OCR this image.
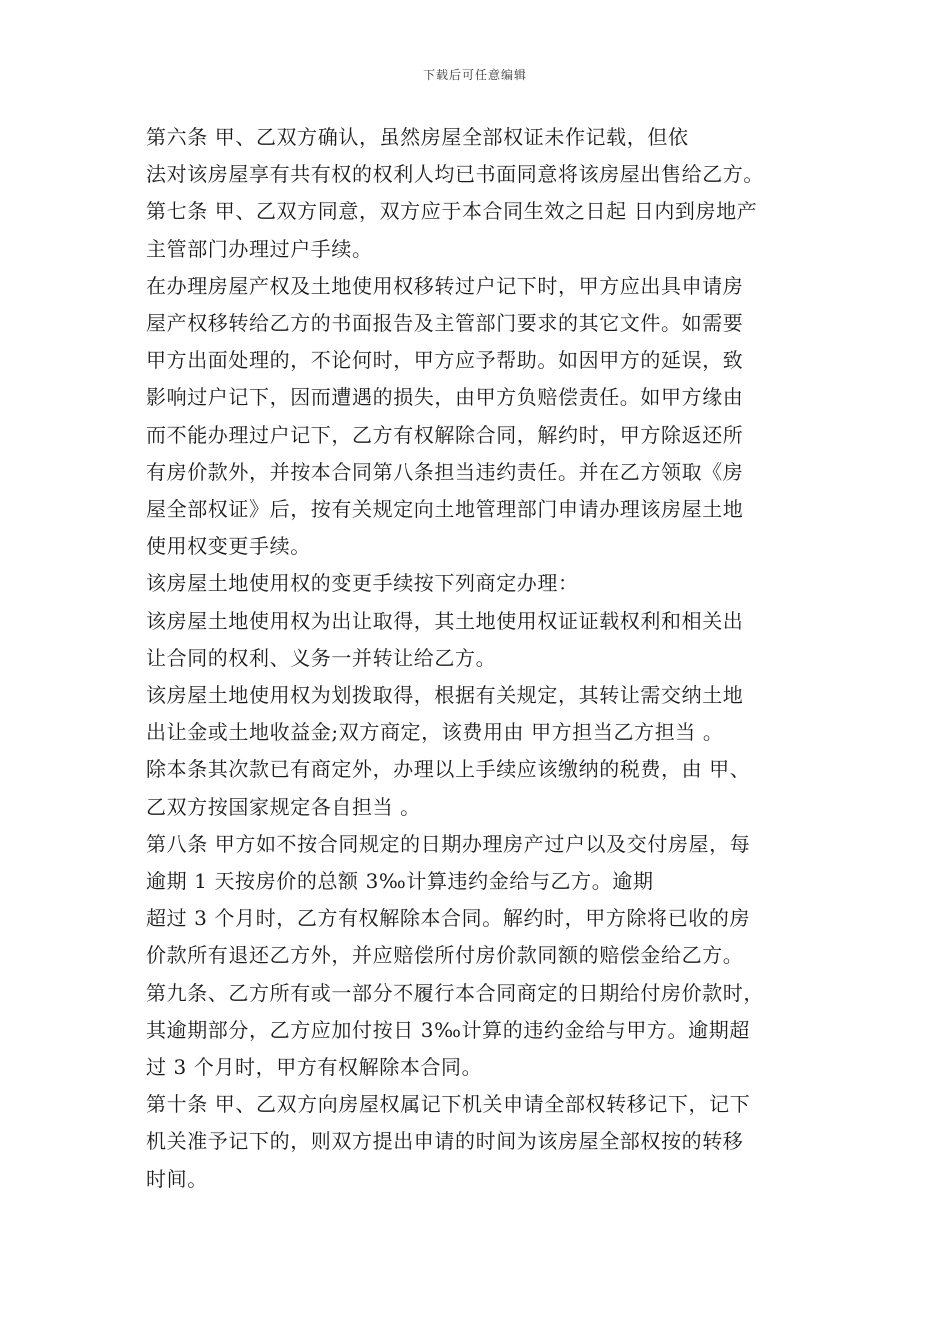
下载后可任意编辑
第六条 甲、乙双方确认，虽然房屋全部权证未作记载，但依
法对该房屋享有共有权的权利人均已书面同意将该房屋出售给乙方。
第七条 甲、乙双方同意，双方应于本合同生效之日起 日内到房地产
主管部门办理过户手续。
在办理房屋产权及土地使用权移转过户记下时，甲方应出具申请房
屋产权移转给乙方的书面报告及主管部门要求的其它文件。如需要
甲方出面处理的，不论何时，甲方应予帮助。如因甲方的延误，致
影响过户记下，因而遭遇的损失，由甲方负赔偿责任。如甲方缘由
而不能办理过户记下，乙方有权解除合同，解约时，甲方除返还所
有房价款外，并按本合同第八条担当违约责任。并在乙方领取《房
屋全部权证》后，按有关规定向土地管理部门申请办理该房屋土地
使用权变更手续。
该房屋土地使用权的变更手续按下列商定办理：
该房屋土地使用权为出让取得，其土地使用权证证载权利和相关出
让合同的权利、义务一并转让给乙方。
该房屋土地使用权为划拨取得，根据有关规定，其转让需交纳土地
出让金或土地收益金;双方商定，该费用由 甲方担当乙方担当 。
除本条其次款已有商定外，办理以上手续应该缴纳的税费，由 甲、
乙双方按国家规定各自担当 。
第八条 甲方如不按合同规定的日期办理房产过户以及交付房屋，每
逾期 1 天按房价的总额 3‰计算违约金给与乙方。逾期
超过 3 个月时，乙方有权解除本合同。解约时，甲方除将已收的房
价款所有退还乙方外，并应赔偿所付房价款同额的赔偿金给乙方。
第九条、乙方所有或一部分不履行本合同商定的日期给付房价款时，
其逾期部分，乙方应加付按日 3‰计算的违约金给与甲方。逾期超
过 3 个月时，甲方有权解除本合同。
第十条 甲、乙双方向房屋权属记下机关申请全部权转移记下，记下
机关准予记下的，则双方提出申请的时间为该房屋全部权按的转移
时间。
